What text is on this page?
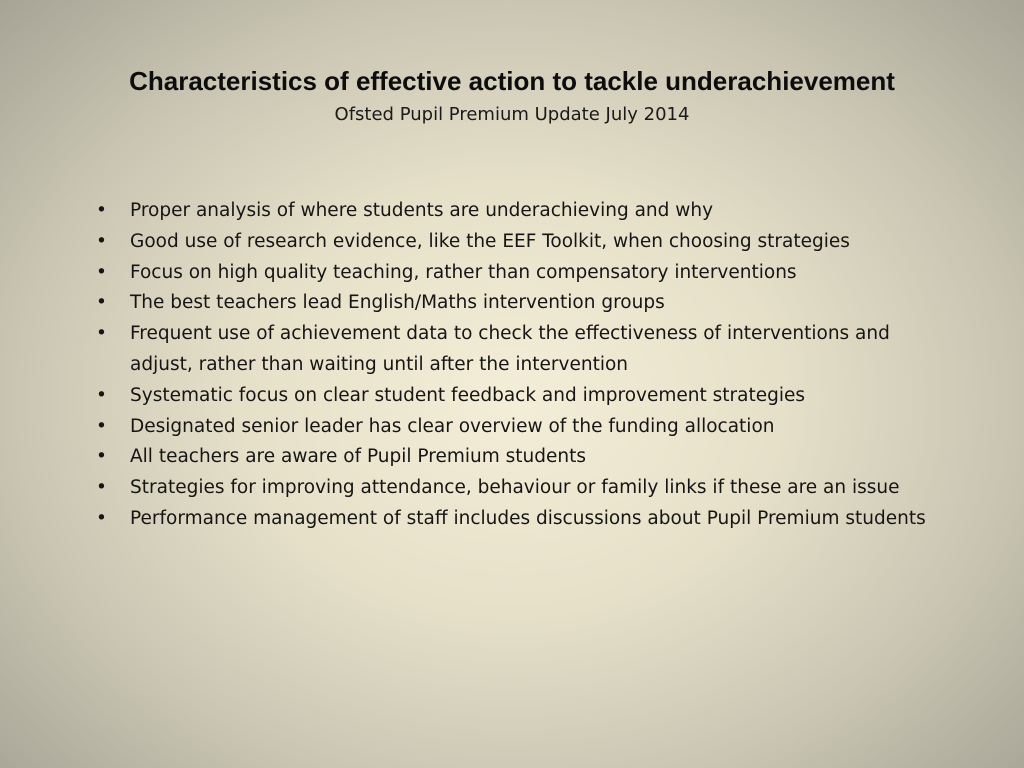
Characteristics of effective action to tackle underachievement
Ofsted Pupil Premium Update July 2014
•	Proper analysis of where students are underachieving and why
•	Good use of research evidence, like the EEF Toolkit, when choosing strategies
•	Focus on high quality teaching, rather than compensatory interventions
•	The best teachers lead English/Maths intervention groups
•	Frequent use of achievement data to check the effectiveness of interventions and adjust, rather than waiting until after the intervention
•	Systematic focus on clear student feedback and improvement strategies
•	Designated senior leader has clear overview of the funding allocation
•	All teachers are aware of Pupil Premium students
•	Strategies for improving attendance, behaviour or family links if these are an issue
•	Performance management of staff includes discussions about Pupil Premium students
